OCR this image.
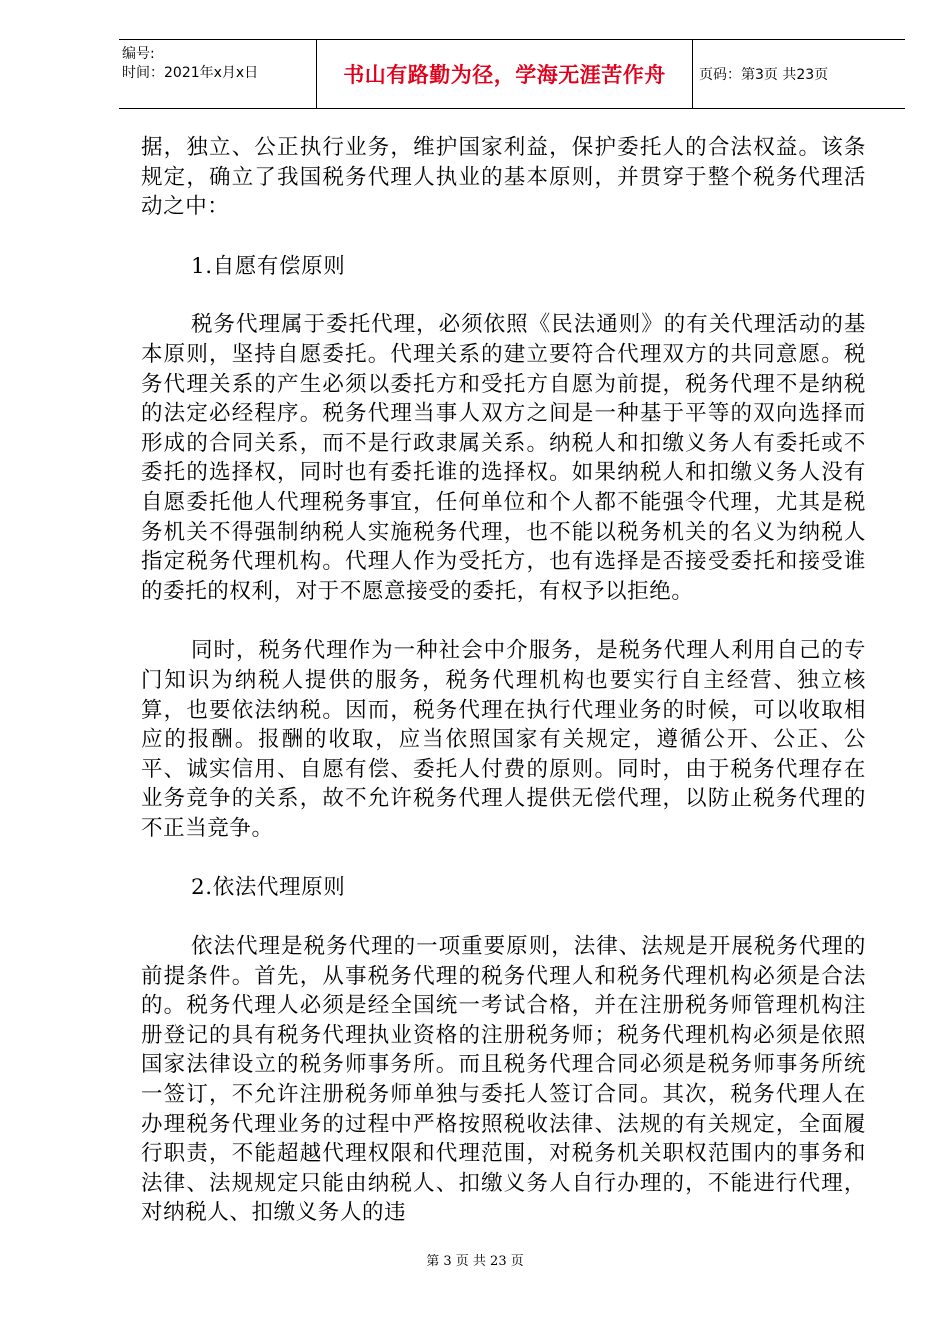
编号:
时间：2021年x月x日	书山有路勤为径，学海无涯苦作舟	页码：第3页 共23页

据，独立、公正执行业务，维护国家利益，保护委托人的合法权益。该条规定，确立了我国税务代理人执业的基本原则，并贯穿于整个税务代理活动之中：

1.自愿有偿原则

税务代理属于委托代理，必须依照《民法通则》的有关代理活动的基本原则，坚持自愿委托。代理关系的建立要符合代理双方的共同意愿。税务代理关系的产生必须以委托方和受托方自愿为前提，税务代理不是纳税的法定必经程序。税务代理当事人双方之间是一种基于平等的双向选择而形成的合同关系，而不是行政隶属关系。纳税人和扣缴义务人有委托或不委托的选择权，同时也有委托谁的选择权。如果纳税人和扣缴义务人没有自愿委托他人代理税务事宜，任何单位和个人都不能强令代理，尤其是税务机关不得强制纳税人实施税务代理，也不能以税务机关的名义为纳税人指定税务代理机构。代理人作为受托方，也有选择是否接受委托和接受谁的委托的权利，对于不愿意接受的委托，有权予以拒绝。

同时，税务代理作为一种社会中介服务，是税务代理人利用自己的专门知识为纳税人提供的服务，税务代理机构也要实行自主经营、独立核算，也要依法纳税。因而，税务代理在执行代理业务的时候，可以收取相应的报酬。报酬的收取，应当依照国家有关规定，遵循公开、公正、公平、诚实信用、自愿有偿、委托人付费的原则。同时，由于税务代理存在业务竞争的关系，故不允许税务代理人提供无偿代理，以防止税务代理的不正当竞争。

2.依法代理原则

依法代理是税务代理的一项重要原则，法律、法规是开展税务代理的前提条件。首先，从事税务代理的税务代理人和税务代理机构必须是合法的。税务代理人必须是经全国统一考试合格，并在注册税务师管理机构注册登记的具有税务代理执业资格的注册税务师；税务代理机构必须是依照国家法律设立的税务师事务所。而且税务代理合同必须是税务师事务所统一签订，不允许注册税务师单独与委托人签订合同。其次，税务代理人在办理税务代理业务的过程中严格按照税收法律、法规的有关规定，全面履行职责，不能超越代理权限和代理范围，对税务机关职权范围内的事务和法律、法规规定只能由纳税人、扣缴义务人自行办理的，不能进行代理，对纳税人、扣缴义务人的违

第 3 页 共 23 页
